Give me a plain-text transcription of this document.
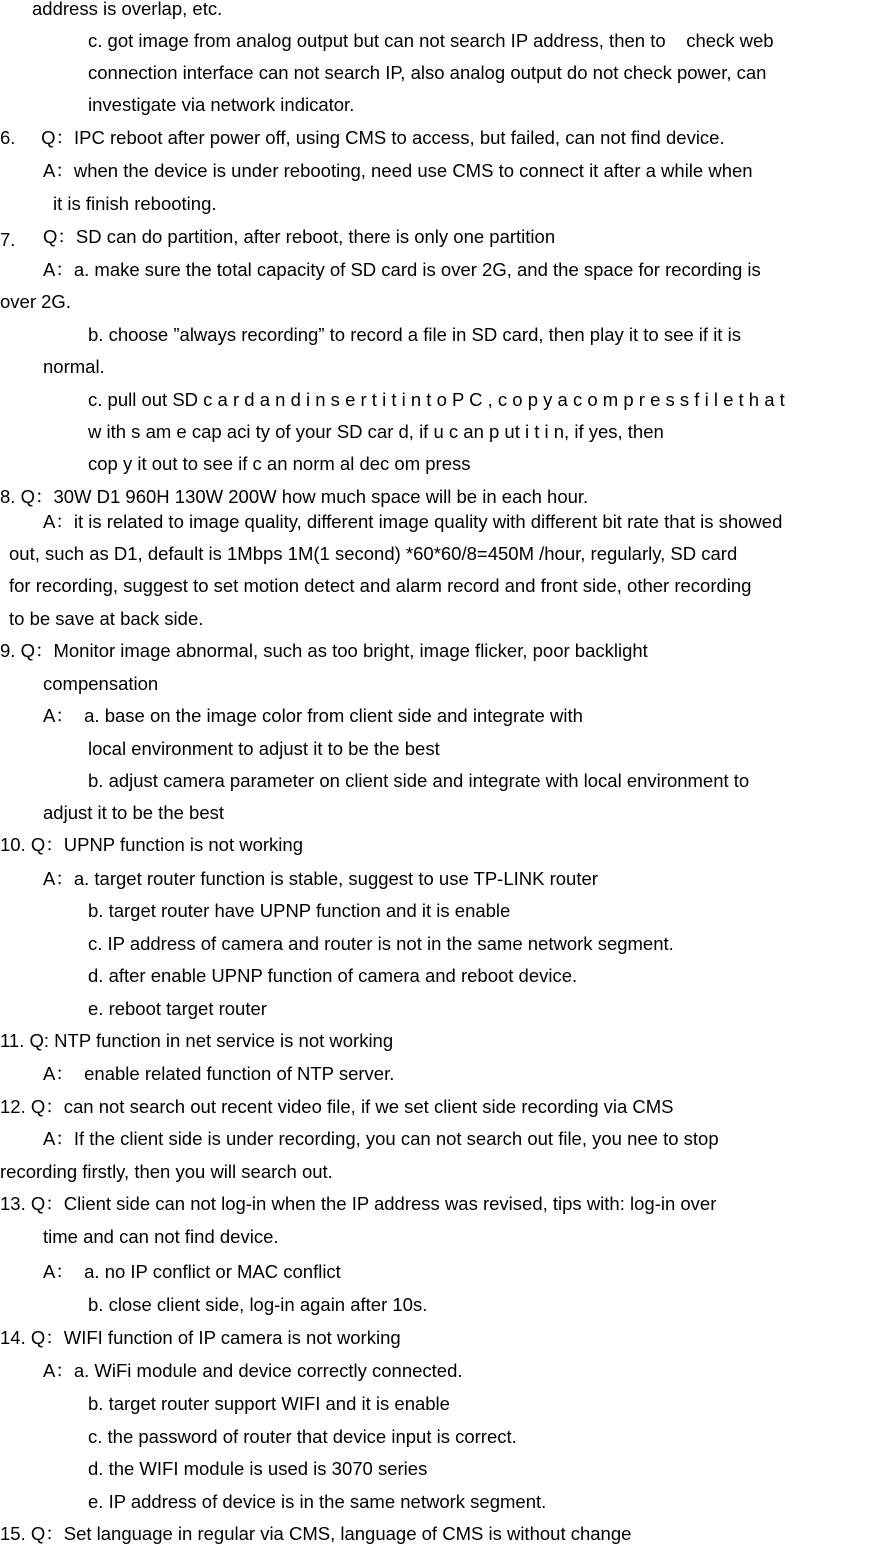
address is overlap, etc.
c. got image from analog output but can not search IP address, then to    check web
connection interface can not search IP, also analog output do not check power, can
investigate via network indicator.
6.     Q：IPC reboot after power off, using CMS to access, but failed, can not find device.
A：when the device is under rebooting, need use CMS to connect it after a while when
it is finish rebooting.
7. Q：SD can do partition, after reboot, there is only one partition
A：a. make sure the total capacity of SD card is over 2G, and the space for recording is
over 2G.
b. choose ”always recording” to record a file in SD card, then play it to see if it is
normal.
c. pull out SD c a r d a n d i n s e r t i t i n t o P C , c o p y a c o m p r e s s f i l e t h a t
w ith s am e cap aci ty of your SD car d, if u c an p ut i t i n, if yes, then
cop y it out to see if c an norm al dec om press
8. Q：30W D1 960H 130W 200W how much space will be in each hour.
A：it is related to image quality, different image quality with different bit rate that is showed
out, such as D1, default is 1Mbps 1M(1 second) *60*60/8=450M /hour, regularly, SD card
for recording, suggest to set motion detect and alarm record and front side, other recording
to be save at back side.
9. Q：Monitor image abnormal, such as too bright, image flicker, poor backlight
compensation
A：  a. base on the image color from client side and integrate with
local environment to adjust it to be the best
b. adjust camera parameter on client side and integrate with local environment to
adjust it to be the best
10. Q：UPNP function is not working
A：a. target router function is stable, suggest to use TP-LINK router
b. target router have UPNP function and it is enable
c. IP address of camera and router is not in the same network segment.
d. after enable UPNP function of camera and reboot device.
e. reboot target router
11. Q: NTP function in net service is not working
A：  enable related function of NTP server.
12. Q：can not search out recent video file, if we set client side recording via CMS
A：If the client side is under recording, you can not search out file, you nee to stop
recording firstly, then you will search out.
13. Q：Client side can not log-in when the IP address was revised, tips with: log-in over
time and can not find device.
A：  a. no IP conflict or MAC conflict
b. close client side, log-in again after 10s.
14. Q：WIFI function of IP camera is not working
A：a. WiFi module and device correctly connected.
b. target router support WIFI and it is enable
c. the password of router that device input is correct.
d. the WIFI module is used is 3070 series
e. IP address of device is in the same network segment.
15. Q：Set language in regular via CMS, language of CMS is without change
